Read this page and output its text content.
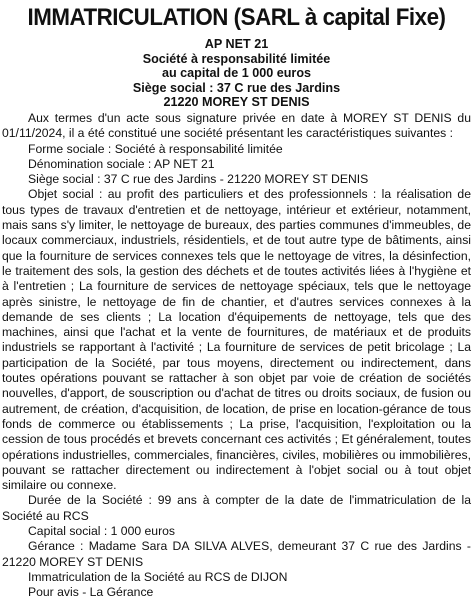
IMMATRICULATION (SARL à capital Fixe)
AP NET 21
Société à responsabilité limitée
au capital de 1 000 euros
Siège social : 37 C rue des Jardins
21220 MOREY ST DENIS

Aux termes d'un acte sous signature privée en date à MOREY ST DENIS du 01/11/2024, il a été constitué une société présentant les caractéristiques suivantes :

Forme sociale : Société à responsabilité limitée

Dénomination sociale : AP NET 21

Siège social : 37 C rue des Jardins - 21220 MOREY ST DENIS

Objet social : au profit des particuliers et des professionnels : la réalisation de tous types de travaux d'entretien et de nettoyage, intérieur et extérieur, notamment, mais sans s'y limiter, le nettoyage de bureaux, des parties communes d'immeubles, de locaux commerciaux, industriels, résidentiels, et de tout autre type de bâtiments, ainsi que la fourniture de services connexes tels que le nettoyage de vitres, la désinfection, le traitement des sols, la gestion des déchets et de toutes activités liées à l'hygiène et à l'entretien ; La fourniture de services de nettoyage spéciaux, tels que le nettoyage après sinistre, le nettoyage de fin de chantier, et d'autres services connexes à la demande de ses clients ; La location d'équipements de nettoyage, tels que des machines, ainsi que l'achat et la vente de fournitures, de matériaux et de produits industriels se rapportant à l'activité ; La fourniture de services de petit bricolage ; La participation de la Société, par tous moyens, directement ou indirectement, dans toutes opérations pouvant se rattacher à son objet par voie de création de sociétés nouvelles, d'apport, de souscription ou d'achat de titres ou droits sociaux, de fusion ou autrement, de création, d'acquisition, de location, de prise en location-gérance de tous fonds de commerce ou établissements ; La prise, l'acquisition, l'exploitation ou la cession de tous procédés et brevets concernant ces activités ; Et généralement, toutes opérations industrielles, commerciales, financières, civiles, mobilières ou immobilières, pouvant se rattacher directement ou indirectement à l'objet social ou à tout objet similaire ou connexe.

Durée de la Société : 99 ans à compter de la date de l'immatriculation de la Société au RCS

Capital social : 1 000 euros

Gérance : Madame Sara DA SILVA ALVES, demeurant 37 C rue des Jardins - 21220 MOREY ST DENIS

Immatriculation de la Société au RCS de DIJON

Pour avis - La Gérance
